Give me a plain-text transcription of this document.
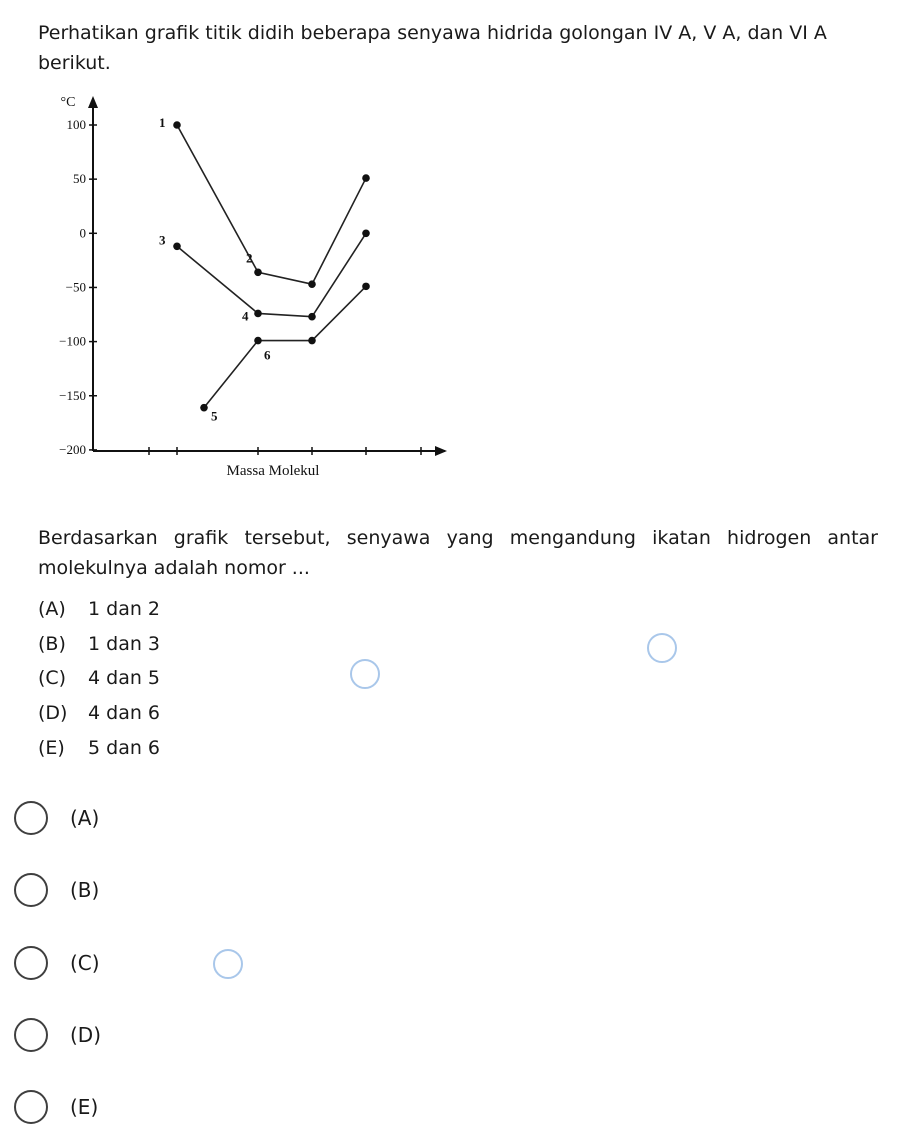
Perhatikan grafik titik didih beberapa senyawa hidrida golongan IV A, V A, dan VI A berikut.
100
50
0
−50
−100
−150
−200
1
2
3
4
5
6
°C
Massa Molekul
Berdasarkan grafik tersebut, senyawa yang mengandung ikatan hidrogen antar molekulnya adalah nomor ...
(A) 1 dan 2
(B) 1 dan 3
(C) 4 dan 5
(D) 4 dan 6
(E) 5 dan 6
(A)
(B)
(C)
(D)
(E)
